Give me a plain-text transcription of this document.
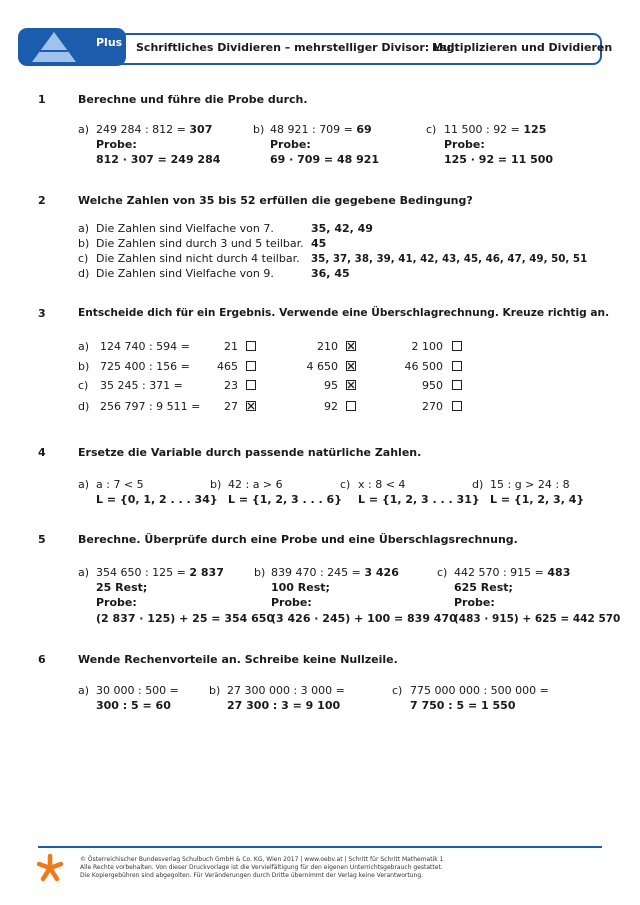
Plus Schriftliches Dividieren – mehrstelliger Divisor: Lsg.
Multiplizieren und Dividieren
1	Berechne und führe die Probe durch.
a) 249 284 : 812 = 307
Probe:
812 · 307 = 249 284
b) 48 921 : 709 = 69
Probe:
69 · 709 = 48 921
c) 11 500 : 92 = 125
Probe:
125 · 92 = 11 500
2	Welche Zahlen von 35 bis 52 erfüllen die gegebene Bedingung?
a) Die Zahlen sind Vielfache von 7.	35, 42, 49
b) Die Zahlen sind durch 3 und 5 teilbar. 45
c) Die Zahlen sind nicht durch 4 teilbar. 35, 37, 38, 39, 41, 42, 43, 45, 46, 47, 49, 50, 51
d) Die Zahlen sind Vielfache von 9.	36, 45
3	Entscheide dich für ein Ergebnis. Verwende eine Überschlagrechnung. Kreuze richtig an.
a) 124 740 : 594 =	21	210	2 100
b) 725 400 : 156 =	465	4 650	46 500
c) 35 245 : 371 =	23	95	950
d) 256 797 : 9 511 =	27	92	270
4	Ersetze die Variable durch passende natürliche Zahlen.
a) a : 7 < 5
L = {0, 1, 2 . . . 34}
b) 42 : a > 6
L = {1, 2, 3 . . . 6}
c) x : 8 < 4
L = {1, 2, 3 . . . 31}
d) 15 : g > 24 : 8
L = {1, 2, 3, 4}
5	Berechne. Überprüfe durch eine Probe und eine Überschlagsrechnung.
a) 354 650 : 125 = 2 837
25 Rest;
Probe:
(2 837 · 125) + 25 = 354 650
b) 839 470 : 245 = 3 426
100 Rest;
Probe:
(3 426 · 245) + 100 = 839 470
c) 442 570 : 915 = 483
625 Rest;
Probe:
(483 · 915) + 625 = 442 570
6	Wende Rechenvorteile an. Schreibe keine Nullzeile.
a) 30 000 : 500 =
300 : 5 = 60
b) 27 300 000 : 3 000 =
27 300 : 3 = 9 100
c) 775 000 000 : 500 000 =
7 750 : 5 = 1 550
© Österreichischer Bundesverlag Schulbuch GmbH & Co. KG, Wien 2017 | www.oebv.at | Schritt für Schritt Mathematik 1
Alle Rechte vorbehalten. Von dieser Druckvorlage ist die Vervielfältigung für den eigenen Unterrichtsgebrauch gestattet.
Die Kopiergebühren sind abgegolten. Für Veränderungen durch Dritte übernimmt der Verlag keine Verantwortung.
